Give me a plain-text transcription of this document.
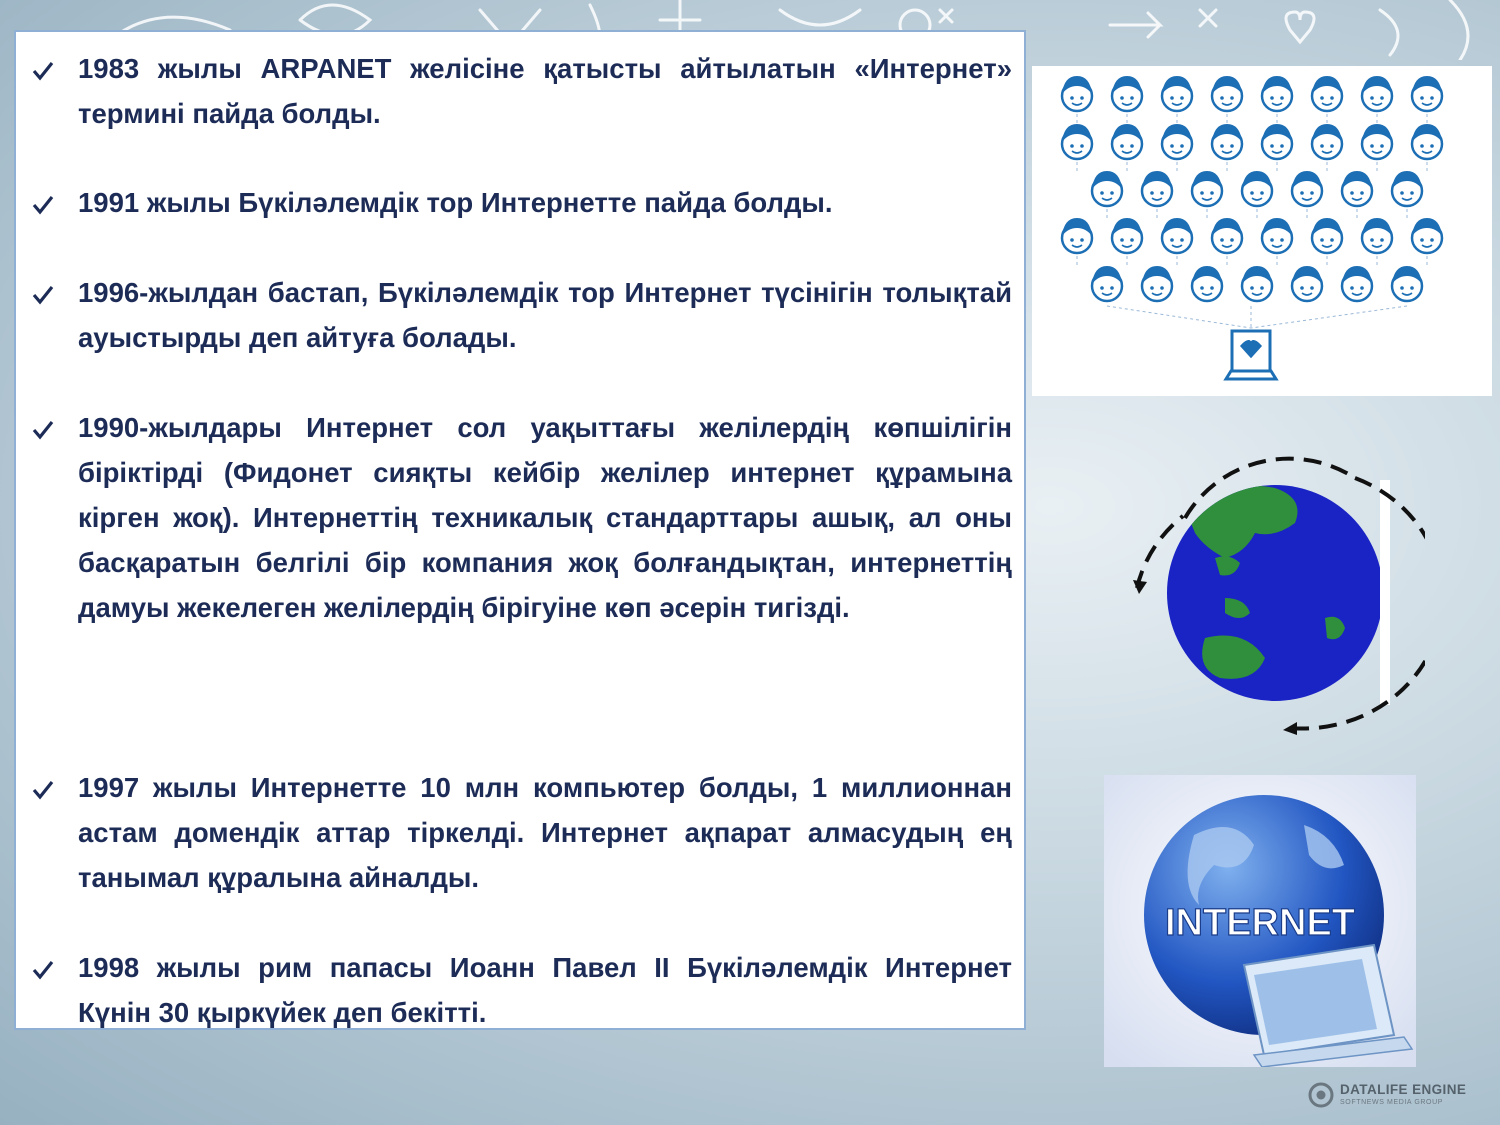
1983 жылы ARPANET желісіне қатысты айтылатын «Интернет» термині пайда болды.
1991 жылы Бүкіләлемдік тор Интернетте пайда болды.
1996-жылдан бастап, Бүкіләлемдік тор Интернет түсінігін толықтай ауыстырды деп айтуға болады.
1990-жылдары Интернет сол уақыттағы желілердің көпшілігін біріктірді (Фидонет сияқты кейбір желілер интернет құрамына кірген жоқ). Интернеттің техникалық стандарттары ашық, ал оны басқаратын белгілі бір компания жоқ болғандықтан, интернеттің дамуы жекелеген желілердің бірігуіне көп әсерін тигізді.
1997 жылы Интернетте 10 млн компьютер болды, 1 миллионнан астам домендік аттар тіркелді. Интернет ақпарат алмасудың ең танымал құралына айналды.
1998 жылы рим папасы Иоанн Павел ІІ Бүкіләлемдік Интернет Күнін 30 қыркүйек деп бекітті.
INTERNET
DATALIFE ENGINE
SOFTNEWS MEDIA GROUP
